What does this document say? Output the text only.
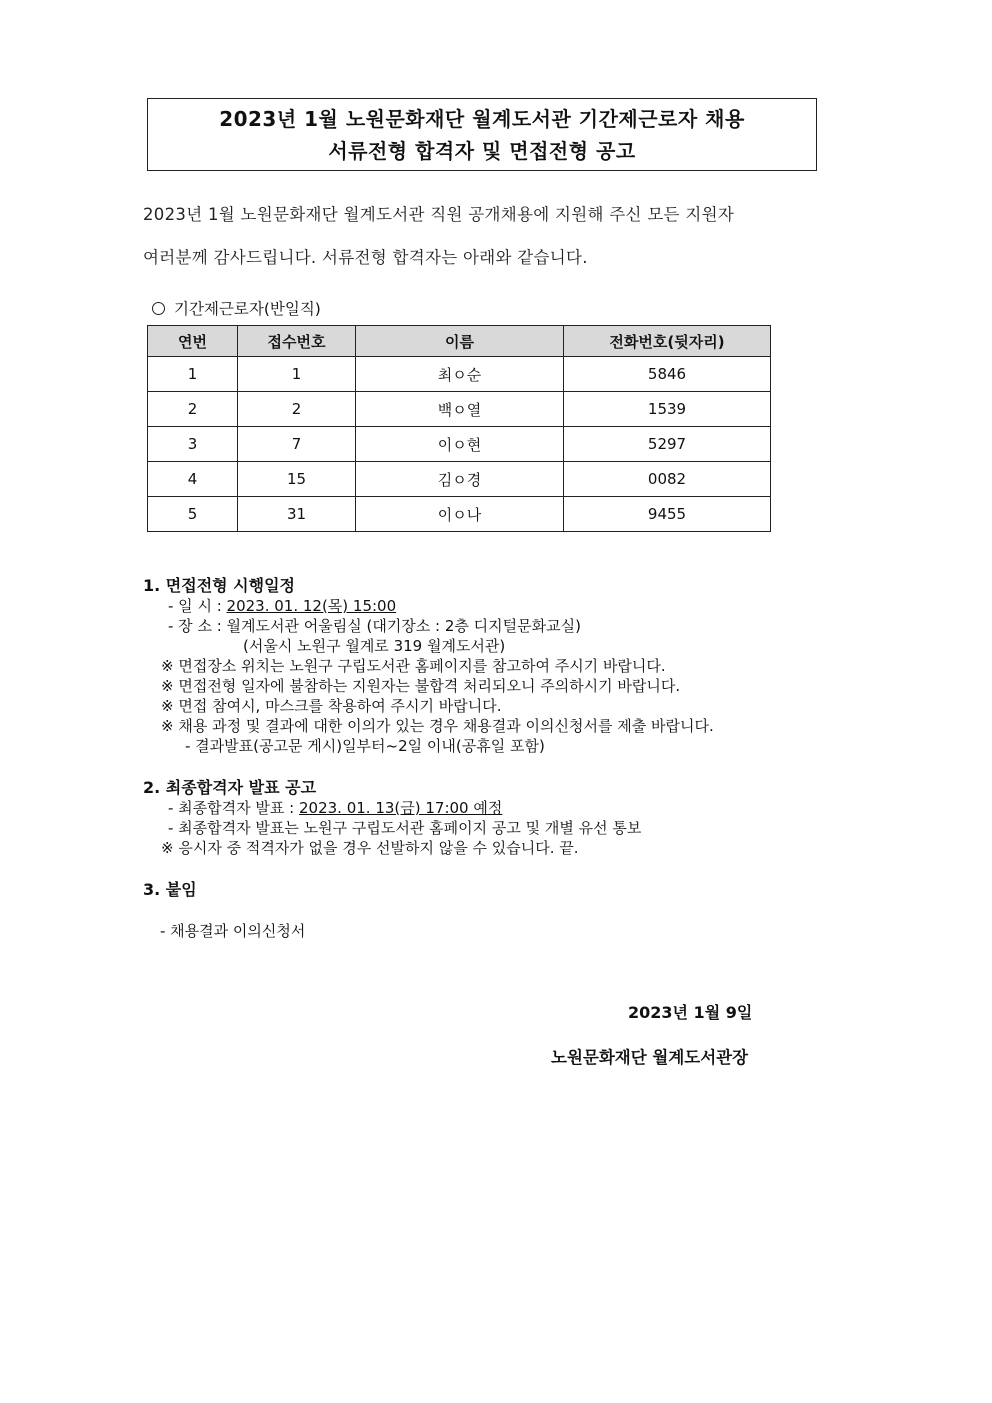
2023년 1월 노원문화재단 월계도서관 기간제근로자 채용
서류전형 합격자 및 면접전형 공고
2023년 1월 노원문화재단 월계도서관 직원 공개채용에 지원해 주신 모든 지원자
여러분께 감사드립니다. 서류전형 합격자는 아래와 같습니다.
기간제근로자(반일직)
연번	접수번호	이름	전화번호(뒷자리)
1	1	최ㅇ순	5846
2	2	백ㅇ열	1539
3	7	이ㅇ현	5297
4	15	김ㅇ경	0082
5	31	이ㅇ나	9455
1. 면접전형 시행일정
- 일 시 : 2023. 01. 12(목) 15:00
- 장 소 : 월계도서관 어울림실 (대기장소 : 2층 디지털문화교실)
(서울시 노원구 월계로 319 월계도서관)
※ 면접장소 위치는 노원구 구립도서관 홈페이지를 참고하여 주시기 바랍니다.
※ 면접전형 일자에 불참하는 지원자는 불합격 처리되오니 주의하시기 바랍니다.
※ 면접 참여시, 마스크를 착용하여 주시기 바랍니다.
※ 채용 과정 및 결과에 대한 이의가 있는 경우 채용결과 이의신청서를 제출 바랍니다.
- 결과발표(공고문 게시)일부터~2일 이내(공휴일 포함)
2. 최종합격자 발표 공고
- 최종합격자 발표 : 2023. 01. 13(금) 17:00 예정
- 최종합격자 발표는 노원구 구립도서관 홈페이지 공고 및 개별 유선 통보
※ 응시자 중 적격자가 없을 경우 선발하지 않을 수 있습니다. 끝.
3. 붙임
- 채용결과 이의신청서
2023년 1월 9일
노원문화재단 월계도서관장
